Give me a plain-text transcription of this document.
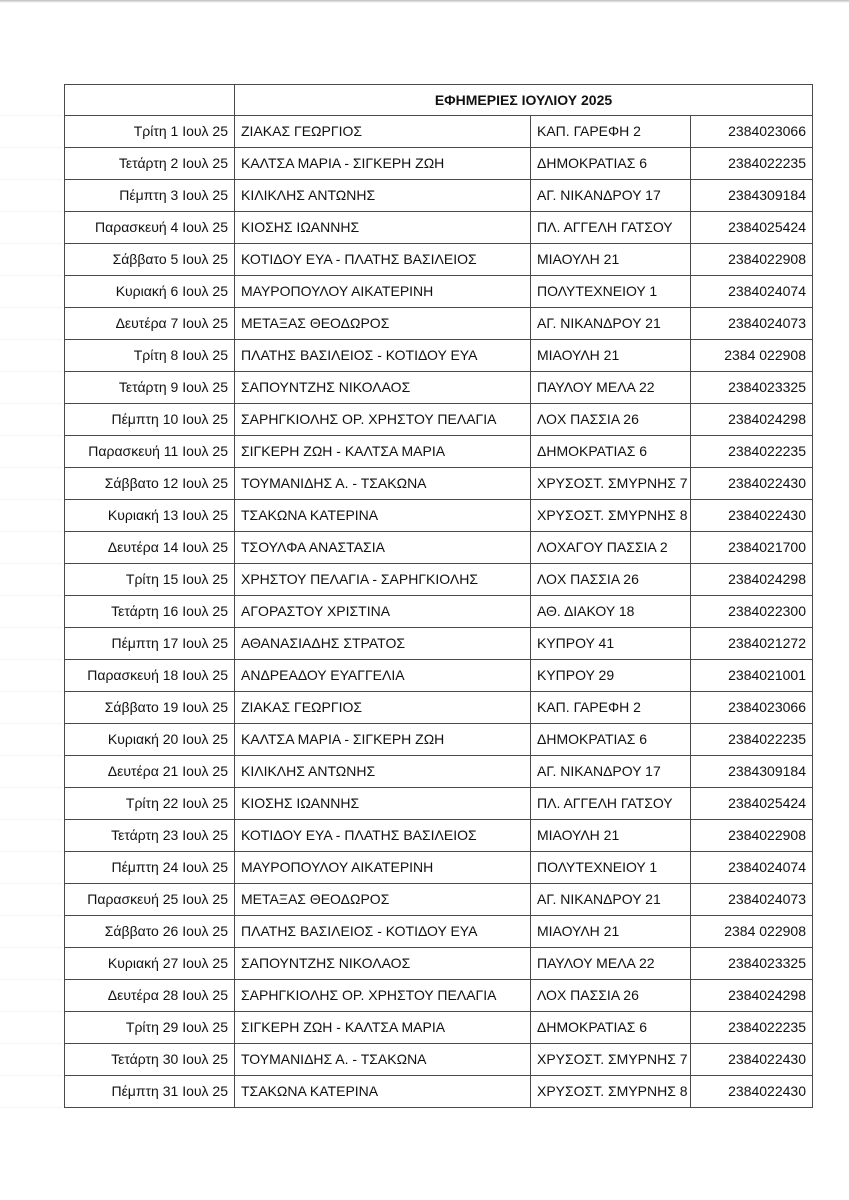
	ΕΦΗΜΕΡΙΕΣ ΙΟΥΛΙΟΥ 2025		
Τρίτη 1 Ιουλ 25	ΖΙΑΚΑΣ ΓΕΩΡΓΙΟΣ	ΚΑΠ. ΓΑΡΕΦΗ 2	2384023066
Τετάρτη 2 Ιουλ 25	ΚΑΛΤΣΑ ΜΑΡΙΑ - ΣΙΓΚΕΡΗ ΖΩΗ	ΔΗΜΟΚΡΑΤΙΑΣ 6	2384022235
Πέμπτη 3 Ιουλ 25	ΚΙΛΙΚΛΗΣ ΑΝΤΩΝΗΣ	ΑΓ. ΝΙΚΑΝΔΡΟΥ 17	2384309184
Παρασκευή 4 Ιουλ 25	ΚΙΟΣΗΣ ΙΩΑΝΝΗΣ	ΠΛ. ΑΓΓΕΛΗ ΓΑΤΣΟΥ	2384025424
Σάββατο 5 Ιουλ 25	ΚΟΤΙΔΟΥ ΕΥΑ - ΠΛΑΤΗΣ ΒΑΣΙΛΕΙΟΣ	ΜΙΑΟΥΛΗ 21	2384022908
Κυριακή 6 Ιουλ 25	ΜΑΥΡΟΠΟΥΛΟΥ ΑΙΚΑΤΕΡΙΝΗ	ΠΟΛΥΤΕΧΝΕΙΟΥ 1	2384024074
Δευτέρα 7 Ιουλ 25	ΜΕΤΑΞΑΣ ΘΕΟΔΩΡΟΣ	ΑΓ. ΝΙΚΑΝΔΡΟΥ 21	2384024073
Τρίτη 8 Ιουλ 25	ΠΛΑΤΗΣ ΒΑΣΙΛΕΙΟΣ - ΚΟΤΙΔΟΥ ΕΥΑ	ΜΙΑΟΥΛΗ 21	2384 022908
Τετάρτη 9 Ιουλ 25	ΣΑΠΟΥΝΤΖΗΣ ΝΙΚΟΛΑΟΣ	ΠΑΥΛΟΥ ΜΕΛΑ 22	2384023325
Πέμπτη 10 Ιουλ 25	ΣΑΡΗΓΚΙΟΛΗΣ ΟΡ. ΧΡΗΣΤΟΥ ΠΕΛΑΓΙΑ	ΛΟΧ ΠΑΣΣΙΑ 26	2384024298
Παρασκευή 11 Ιουλ 25	ΣΙΓΚΕΡΗ ΖΩΗ - ΚΑΛΤΣΑ ΜΑΡΙΑ	ΔΗΜΟΚΡΑΤΙΑΣ 6	2384022235
Σάββατο 12 Ιουλ 25	ΤΟΥΜΑΝΙΔΗΣ Α. - ΤΣΑΚΩΝΑ	ΧΡΥΣΟΣΤ. ΣΜΥΡΝΗΣ 7	2384022430
Κυριακή 13 Ιουλ 25	ΤΣΑΚΩΝΑ ΚΑΤΕΡΙΝΑ	ΧΡΥΣΟΣΤ. ΣΜΥΡΝΗΣ 8	2384022430
Δευτέρα 14 Ιουλ 25	ΤΣΟΥΛΦΑ ΑΝΑΣΤΑΣΙΑ	ΛΟΧΑΓΟΥ ΠΑΣΣΙΑ 2	2384021700
Τρίτη 15 Ιουλ 25	ΧΡΗΣΤΟΥ ΠΕΛΑΓΙΑ - ΣΑΡΗΓΚΙΟΛΗΣ	ΛΟΧ ΠΑΣΣΙΑ 26	2384024298
Τετάρτη 16 Ιουλ 25	ΑΓΟΡΑΣΤΟΥ ΧΡΙΣΤΙΝΑ	ΑΘ. ΔΙΑΚΟΥ 18	2384022300
Πέμπτη 17 Ιουλ 25	ΑΘΑΝΑΣΙΑΔΗΣ ΣΤΡΑΤΟΣ	ΚΥΠΡΟΥ 41	2384021272
Παρασκευή 18 Ιουλ 25	ΑΝΔΡΕΑΔΟΥ ΕΥΑΓΓΕΛΙΑ	ΚΥΠΡΟΥ 29	2384021001
Σάββατο 19 Ιουλ 25	ΖΙΑΚΑΣ ΓΕΩΡΓΙΟΣ	ΚΑΠ. ΓΑΡΕΦΗ 2	2384023066
Κυριακή 20 Ιουλ 25	ΚΑΛΤΣΑ ΜΑΡΙΑ - ΣΙΓΚΕΡΗ ΖΩΗ	ΔΗΜΟΚΡΑΤΙΑΣ 6	2384022235
Δευτέρα 21 Ιουλ 25	ΚΙΛΙΚΛΗΣ ΑΝΤΩΝΗΣ	ΑΓ. ΝΙΚΑΝΔΡΟΥ 17	2384309184
Τρίτη 22 Ιουλ 25	ΚΙΟΣΗΣ ΙΩΑΝΝΗΣ	ΠΛ. ΑΓΓΕΛΗ ΓΑΤΣΟΥ	2384025424
Τετάρτη 23 Ιουλ 25	ΚΟΤΙΔΟΥ ΕΥΑ - ΠΛΑΤΗΣ ΒΑΣΙΛΕΙΟΣ	ΜΙΑΟΥΛΗ 21	2384022908
Πέμπτη 24 Ιουλ 25	ΜΑΥΡΟΠΟΥΛΟΥ ΑΙΚΑΤΕΡΙΝΗ	ΠΟΛΥΤΕΧΝΕΙΟΥ 1	2384024074
Παρασκευή 25 Ιουλ 25	ΜΕΤΑΞΑΣ ΘΕΟΔΩΡΟΣ	ΑΓ. ΝΙΚΑΝΔΡΟΥ 21	2384024073
Σάββατο 26 Ιουλ 25	ΠΛΑΤΗΣ ΒΑΣΙΛΕΙΟΣ - ΚΟΤΙΔΟΥ ΕΥΑ	ΜΙΑΟΥΛΗ 21	2384 022908
Κυριακή 27 Ιουλ 25	ΣΑΠΟΥΝΤΖΗΣ ΝΙΚΟΛΑΟΣ	ΠΑΥΛΟΥ ΜΕΛΑ 22	2384023325
Δευτέρα 28 Ιουλ 25	ΣΑΡΗΓΚΙΟΛΗΣ ΟΡ. ΧΡΗΣΤΟΥ ΠΕΛΑΓΙΑ	ΛΟΧ ΠΑΣΣΙΑ 26	2384024298
Τρίτη 29 Ιουλ 25	ΣΙΓΚΕΡΗ ΖΩΗ - ΚΑΛΤΣΑ ΜΑΡΙΑ	ΔΗΜΟΚΡΑΤΙΑΣ 6	2384022235
Τετάρτη 30 Ιουλ 25	ΤΟΥΜΑΝΙΔΗΣ Α. - ΤΣΑΚΩΝΑ	ΧΡΥΣΟΣΤ. ΣΜΥΡΝΗΣ 7	2384022430
Πέμπτη 31 Ιουλ 25	ΤΣΑΚΩΝΑ ΚΑΤΕΡΙΝΑ	ΧΡΥΣΟΣΤ. ΣΜΥΡΝΗΣ 8	2384022430
